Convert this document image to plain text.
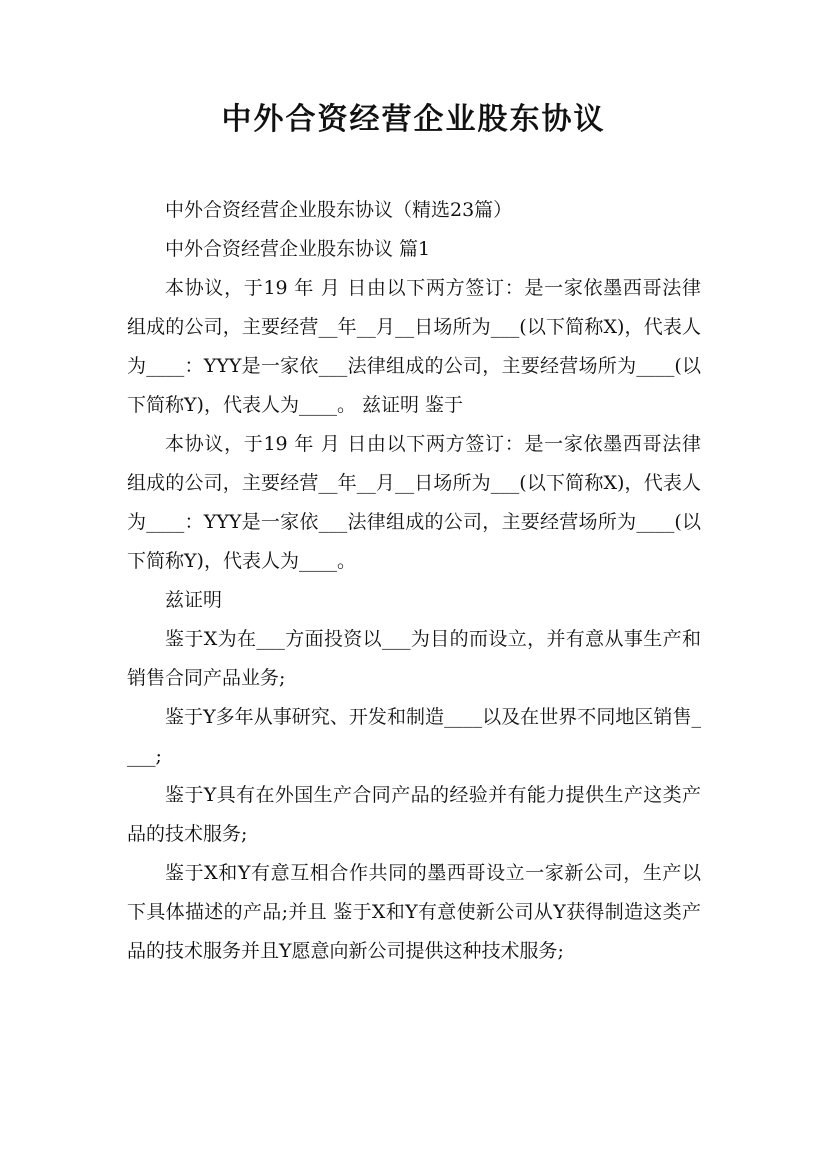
中外合资经营企业股东协议

中外合资经营企业股东协议（精选23篇）

中外合资经营企业股东协议 篇1

本协议，于19 年 月 日由以下两方签订：是一家依墨西哥法律组成的公司，主要经营__年__月__日场所为___(以下简称X)，代表人为____：YYY是一家依___法律组成的公司，主要经营场所为____(以下简称Y)，代表人为____。 兹证明 鉴于

本协议，于19 年 月 日由以下两方签订：是一家依墨西哥法律组成的公司，主要经营__年__月__日场所为___(以下简称X)，代表人为____：YYY是一家依___法律组成的公司，主要经营场所为____(以下简称Y)，代表人为____。

兹证明

鉴于X为在___方面投资以___为目的而设立，并有意从事生产和销售合同产品业务;

鉴于Y多年从事研究、开发和制造____以及在世界不同地区销售____;

鉴于Y具有在外国生产合同产品的经验并有能力提供生产这类产品的技术服务;

鉴于X和Y有意互相合作共同的墨西哥设立一家新公司，生产以下具体描述的产品;并且 鉴于X和Y有意使新公司从Y获得制造这类产品的技术服务并且Y愿意向新公司提供这种技术服务;
